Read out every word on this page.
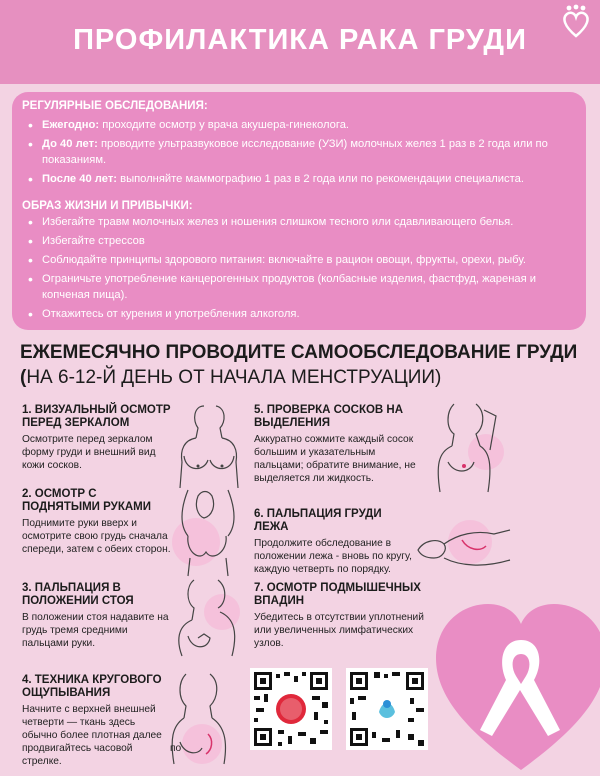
ПРОФИЛАКТИКА РАКА ГРУДИ
РЕГУЛЯРНЫЕ ОБСЛЕДОВАНИЯ:
• Ежегодно: проходите осмотр у врача акушера-гинеколога.
• До 40 лет: проводите ультразвуковое исследование (УЗИ) молочных желез 1 раз в 2 года или по показаниям.
• После 40 лет: выполняйте маммографию 1 раз в 2 года или по рекомендации специалиста.
ОБРАЗ ЖИЗНИ И ПРИВЫЧКИ:
• Избегайте травм молочных желез и ношения слишком тесного или сдавливающего белья.
• Избегайте стрессов
• Соблюдайте принципы здорового питания: включайте в рацион овощи, фрукты, орехи, рыбу.
• Ограничьте употребление канцерогенных продуктов (колбасные изделия, фастфуд, жареная и копченая пища).
• Откажитесь от курения и употребления алкоголя.
ЕЖЕМЕСЯЧНО ПРОВОДИТЕ САМООБСЛЕДОВАНИЕ ГРУДИ (НА 6-12-Й ДЕНЬ ОТ НАЧАЛА МЕНСТРУАЦИИ)
1. ВИЗУАЛЬНЫЙ ОСМОТР ПЕРЕД ЗЕРКАЛОМ

Осмотрите перед зеркалом форму груди и внешний вид кожи сосков.

2. ОСМОТР С ПОДНЯТЫМИ РУКАМИ

Поднимите руки вверх и осмотрите свою грудь сначала спереди, затем с обеих сторон.

3. ПАЛЬПАЦИЯ В ПОЛОЖЕНИИ СТОЯ

В положении стоя надавите на грудь тремя средними пальцами руки.

4. ТЕХНИКА КРУГОВОГО ОЩУПЫВАНИЯ

Начните с верхней внешней четверти — ткань здесь обычно более плотная далее продвигайтесь часовой стрелке.

5. ПРОВЕРКА СОСКОВ НА ВЫДЕЛЕНИЯ

Аккуратно сожмите каждый сосок большим и указательным пальцами; обратите внимание, не выделяется ли жидкость.

6. ПАЛЬПАЦИЯ ГРУДИ ЛЕЖА

Продолжите обследование в положении лежа - вновь по кругу, каждую четверть по порядку.

7. ОСМОТР ПОДМЫШЕЧНЫХ ВПАДИН

Убедитесь в отсутствии уплотнений или увеличенных лимфатических узлов.

по
